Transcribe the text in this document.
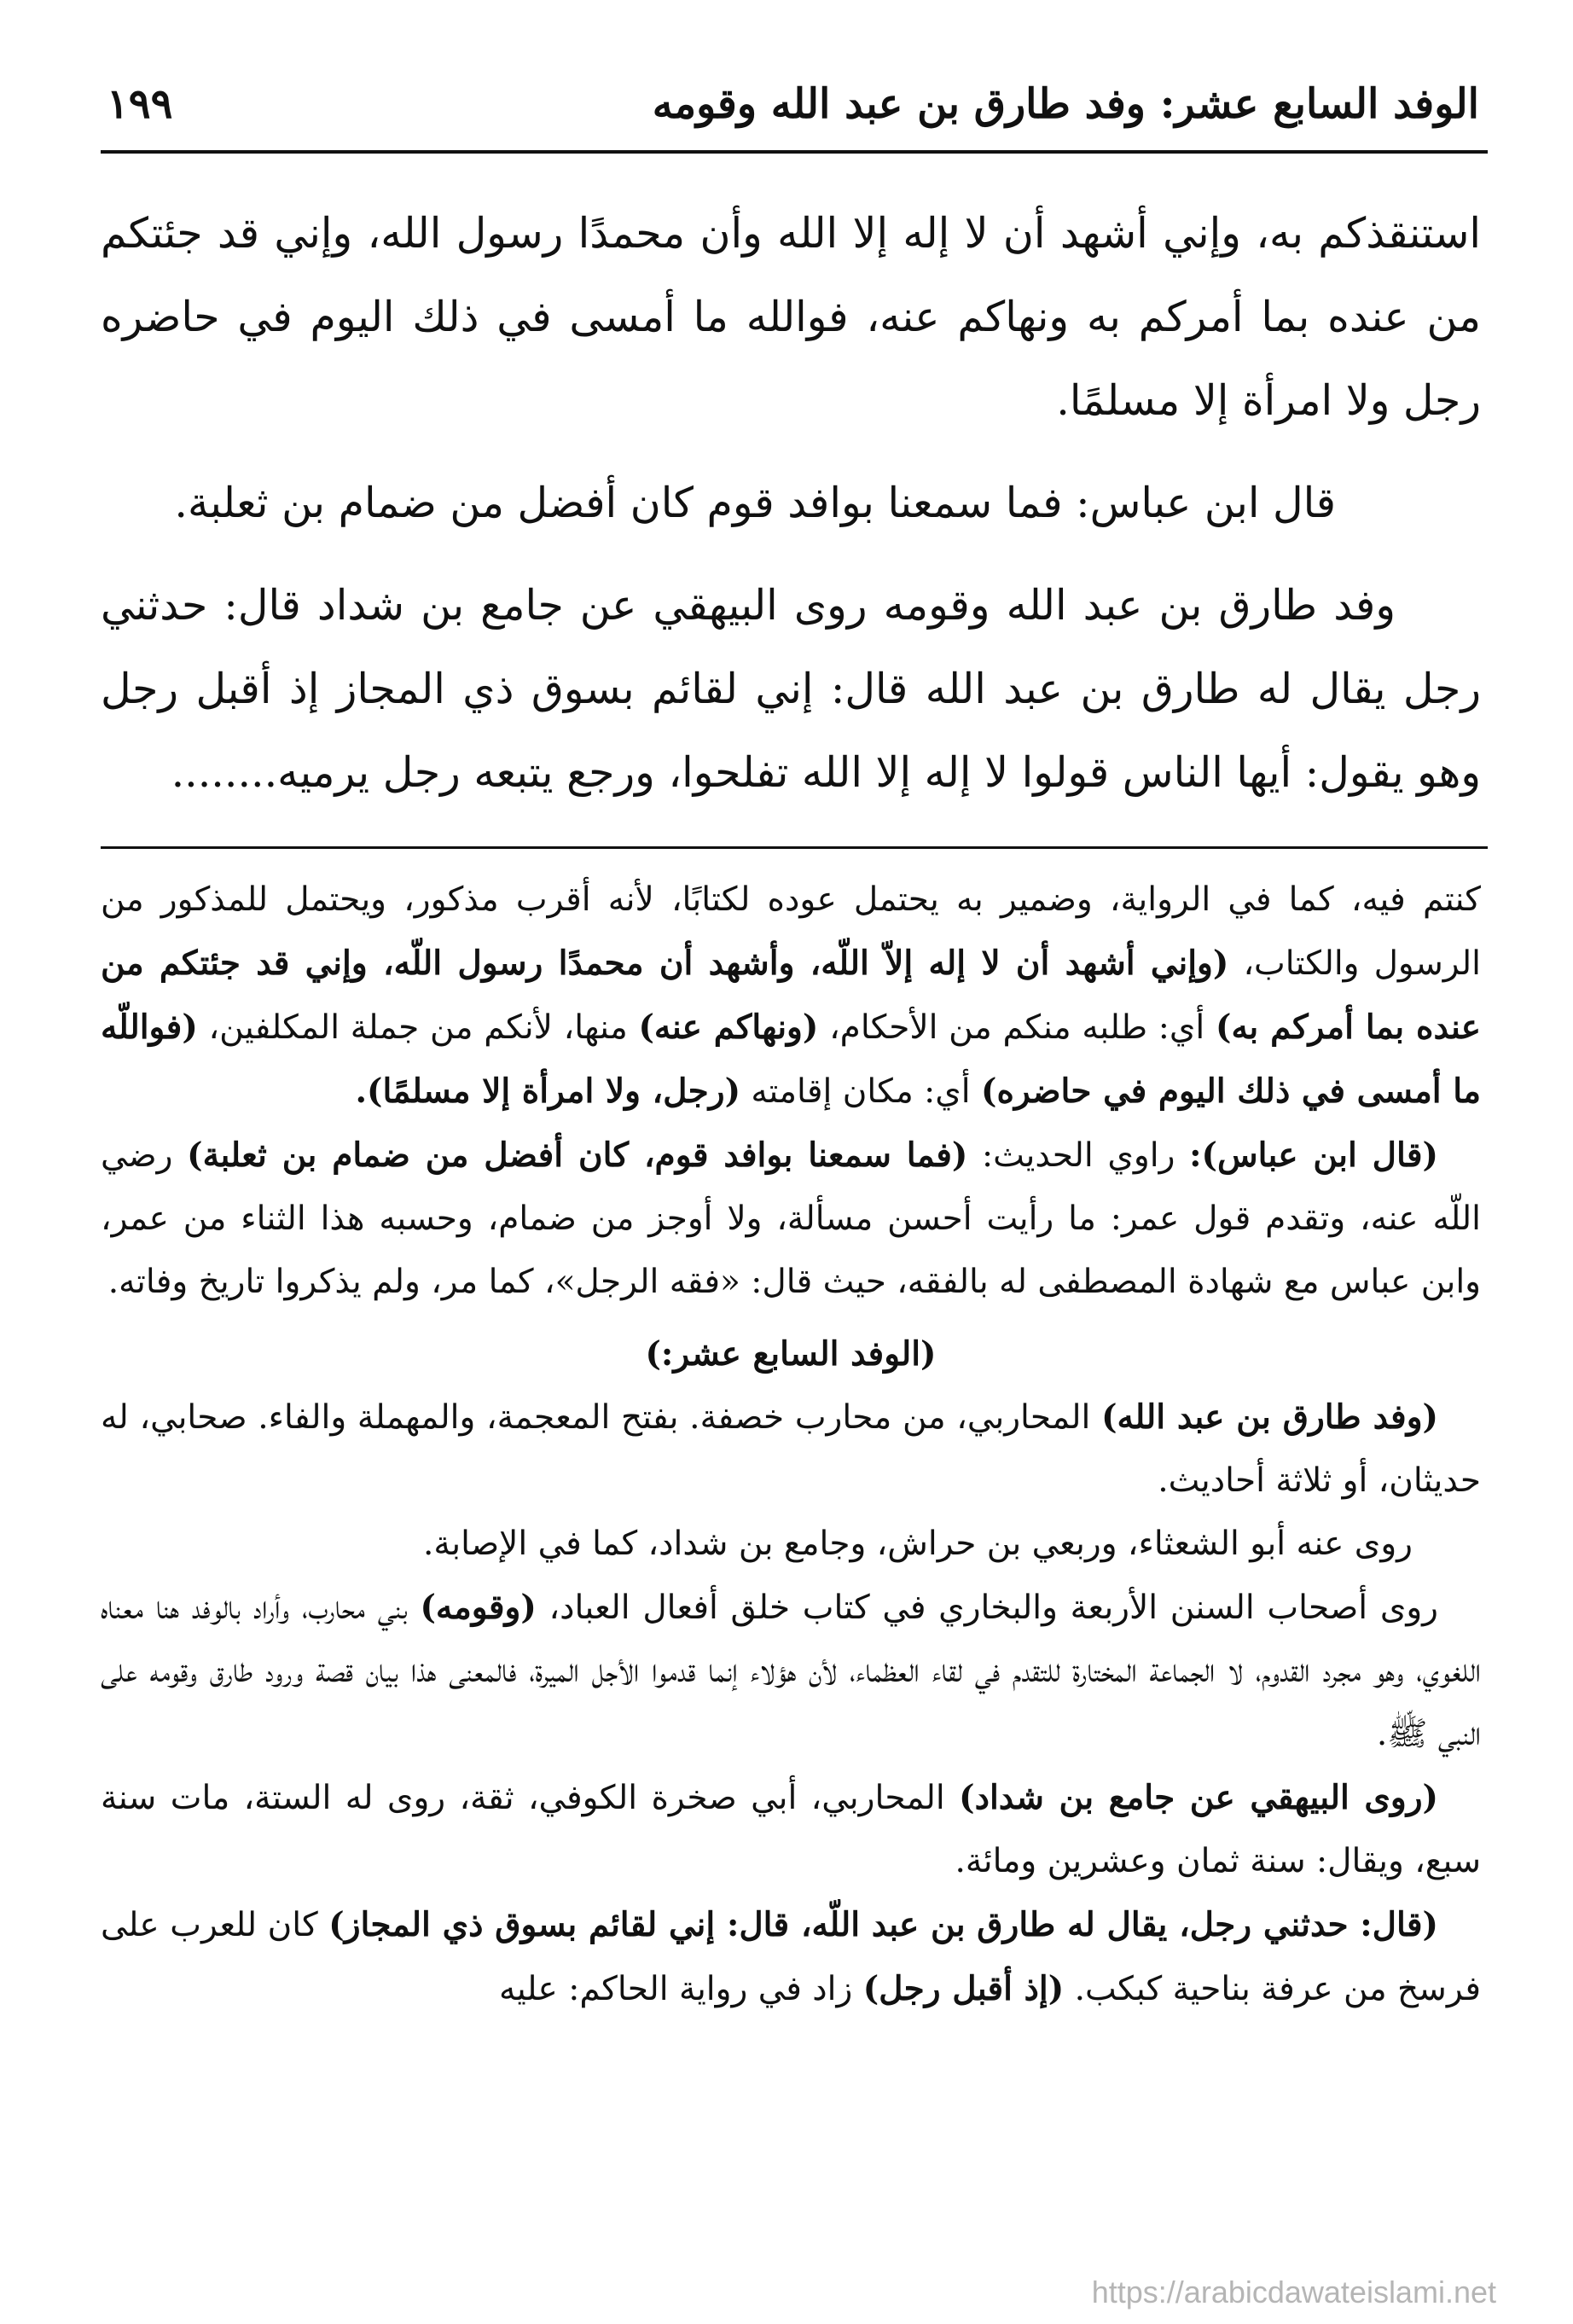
الوفد السابع عشر: وفد طارق بن عبد الله وقومه
١٩٩

استنقذكم به، وإني أشهد أن لا إله إلا الله وأن محمدًا رسول الله، وإني قد جئتكم من عنده بما أمركم به ونهاكم عنه، فوالله ما أمسى في ذلك اليوم في حاضره رجل ولا امرأة إلا مسلمًا.

قال ابن عباس: فما سمعنا بوافد قوم كان أفضل من ضمام بن ثعلبة.

وفد طارق بن عبد الله وقومه روى البيهقي عن جامع بن شداد قال: حدثني رجل يقال له طارق بن عبد الله قال: إني لقائم بسوق ذي المجاز إذ أقبل رجل وهو يقول: أيها الناس قولوا لا إله إلا الله تفلحوا، ورجع يتبعه رجل يرميه........

كنتم فيه، كما في الرواية، وضمير به يحتمل عوده لكتابًا، لأنه أقرب مذكور، ويحتمل للمذكور من الرسول والكتاب، (وإني أشهد أن لا إله إلاّ اللّه، وأشهد أن محمدًا رسول اللّه، وإني قد جئتكم من عنده بما أمركم به) أي: طلبه منكم من الأحكام، (ونهاكم عنه) منها، لأنكم من جملة المكلفين، (فواللّه ما أمسى في ذلك اليوم في حاضره) أي: مكان إقامته (رجل، ولا امرأة إلا مسلمًا).

(قال ابن عباس): راوي الحديث: (فما سمعنا بوافد قوم، كان أفضل من ضمام بن ثعلبة) رضي اللّه عنه، وتقدم قول عمر: ما رأيت أحسن مسألة، ولا أوجز من ضمام، وحسبه هذا الثناء من عمر، وابن عباس مع شهادة المصطفى له بالفقه، حيث قال: «فقه الرجل»، كما مر، ولم يذكروا تاريخ وفاته.

(الوفد السابع عشر:)

(وفد طارق بن عبد الله) المحاربي، من محارب خصفة. بفتح المعجمة، والمهملة والفاء. صحابي، له حديثان، أو ثلاثة أحاديث.

روى عنه أبو الشعثاء، وربعي بن حراش، وجامع بن شداد، كما في الإصابة.

روى أصحاب السنن الأربعة والبخاري في كتاب خلق أفعال العباد، (وقومه) بني محارب، وأراد بالوفد هنا معناه اللغوي، وهو مجرد القدوم، لا الجماعة المختارة للتقدم في لقاء العظماء، لأن هؤلاء إنما قدموا الأجل الميرة، فالمعنى هذا بيان قصة ورود طارق وقومه على النبي ﷺ.

(روى البيهقي عن جامع بن شداد) المحاربي، أبي صخرة الكوفي، ثقة، روى له الستة، مات سنة سبع، ويقال: سنة ثمان وعشرين ومائة.

(قال: حدثني رجل، يقال له طارق بن عبد اللّه، قال: إني لقائم بسوق ذي المجاز) كان للعرب على فرسخ من عرفة بناحية كبكب. (إذ أقبل رجل) زاد في رواية الحاكم: عليه

https://arabicdawateislami.net
